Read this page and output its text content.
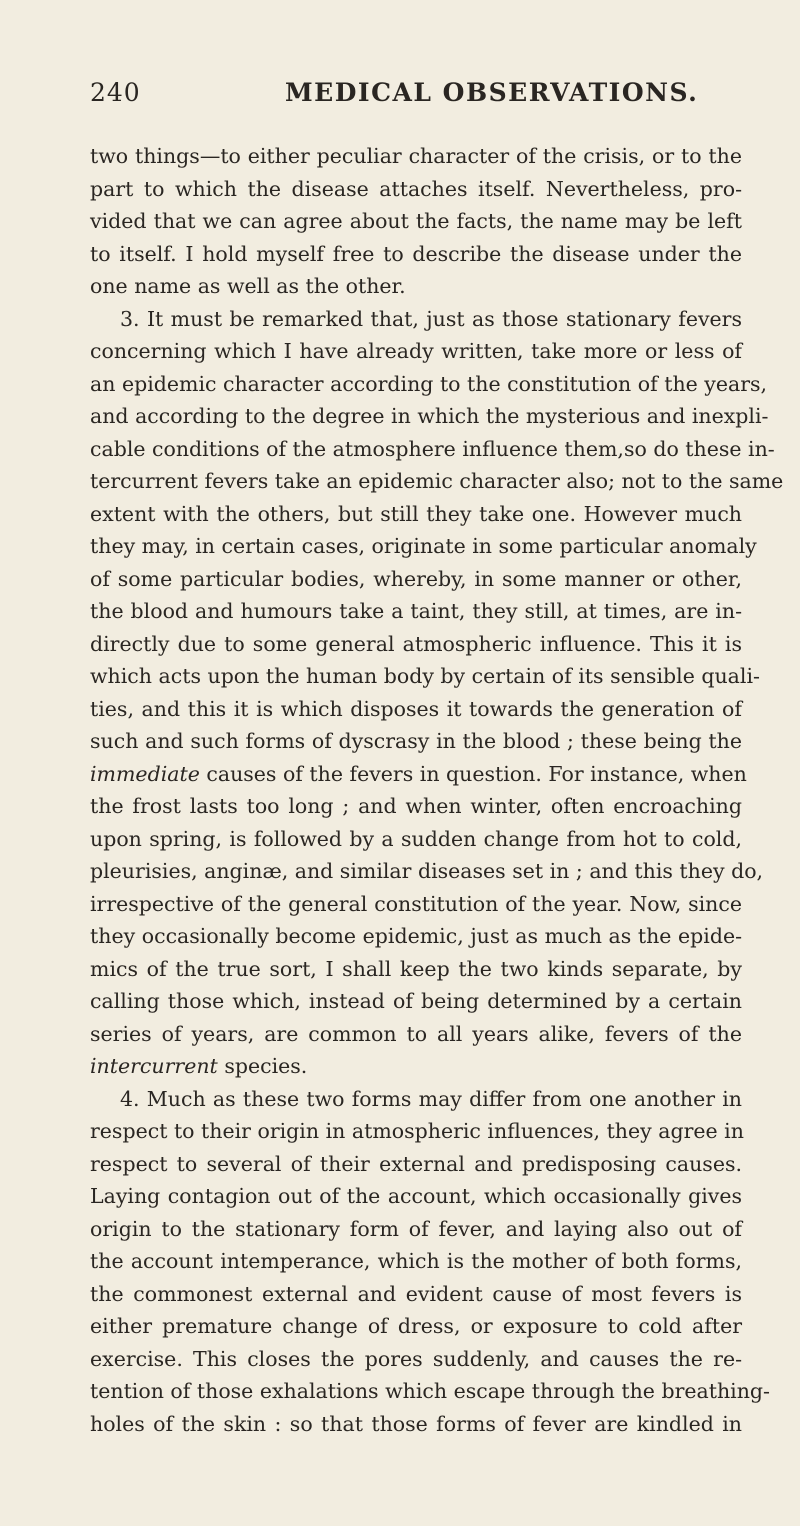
240	MEDICAL OBSERVATIONS.
two things—to either peculiar character of the crisis, or to the
part to which the disease attaches itself. Nevertheless, pro-
vided that we can agree about the facts, the name may be left
to itself. I hold myself free to describe the disease under the
one name as well as the other.
3. It must be remarked that, just as those stationary fevers
concerning which I have already written, take more or less of
an epidemic character according to the constitution of the years,
and according to the degree in which the mysterious and inexpli-
cable conditions of the atmosphere influence them,so do these in-
tercurrent fevers take an epidemic character also; not to the same
extent with the others, but still they take one. However much
they may, in certain cases, originate in some particular anomaly
of some particular bodies, whereby, in some manner or other,
the blood and humours take a taint, they still, at times, are in-
directly due to some general atmospheric influence. This it is
which acts upon the human body by certain of its sensible quali-
ties, and this it is which disposes it towards the generation of
such and such forms of dyscrasy in the blood ; these being the
immediate causes of the fevers in question. For instance, when
the frost lasts too long ; and when winter, often encroaching
upon spring, is followed by a sudden change from hot to cold,
pleurisies, anginæ, and similar diseases set in ; and this they do,
irrespective of the general constitution of the year. Now, since
they occasionally become epidemic, just as much as the epide-
mics of the true sort, I shall keep the two kinds separate, by
calling those which, instead of being determined by a certain
series of years, are common to all years alike, fevers of the
intercurrent species.
4. Much as these two forms may differ from one another in
respect to their origin in atmospheric influences, they agree in
respect to several of their external and predisposing causes.
Laying contagion out of the account, which occasionally gives
origin to the stationary form of fever, and laying also out of
the account intemperance, which is the mother of both forms,
the commonest external and evident cause of most fevers is
either premature change of dress, or exposure to cold after
exercise. This closes the pores suddenly, and causes the re-
tention of those exhalations which escape through the breathing-
holes of the skin : so that those forms of fever are kindled in
